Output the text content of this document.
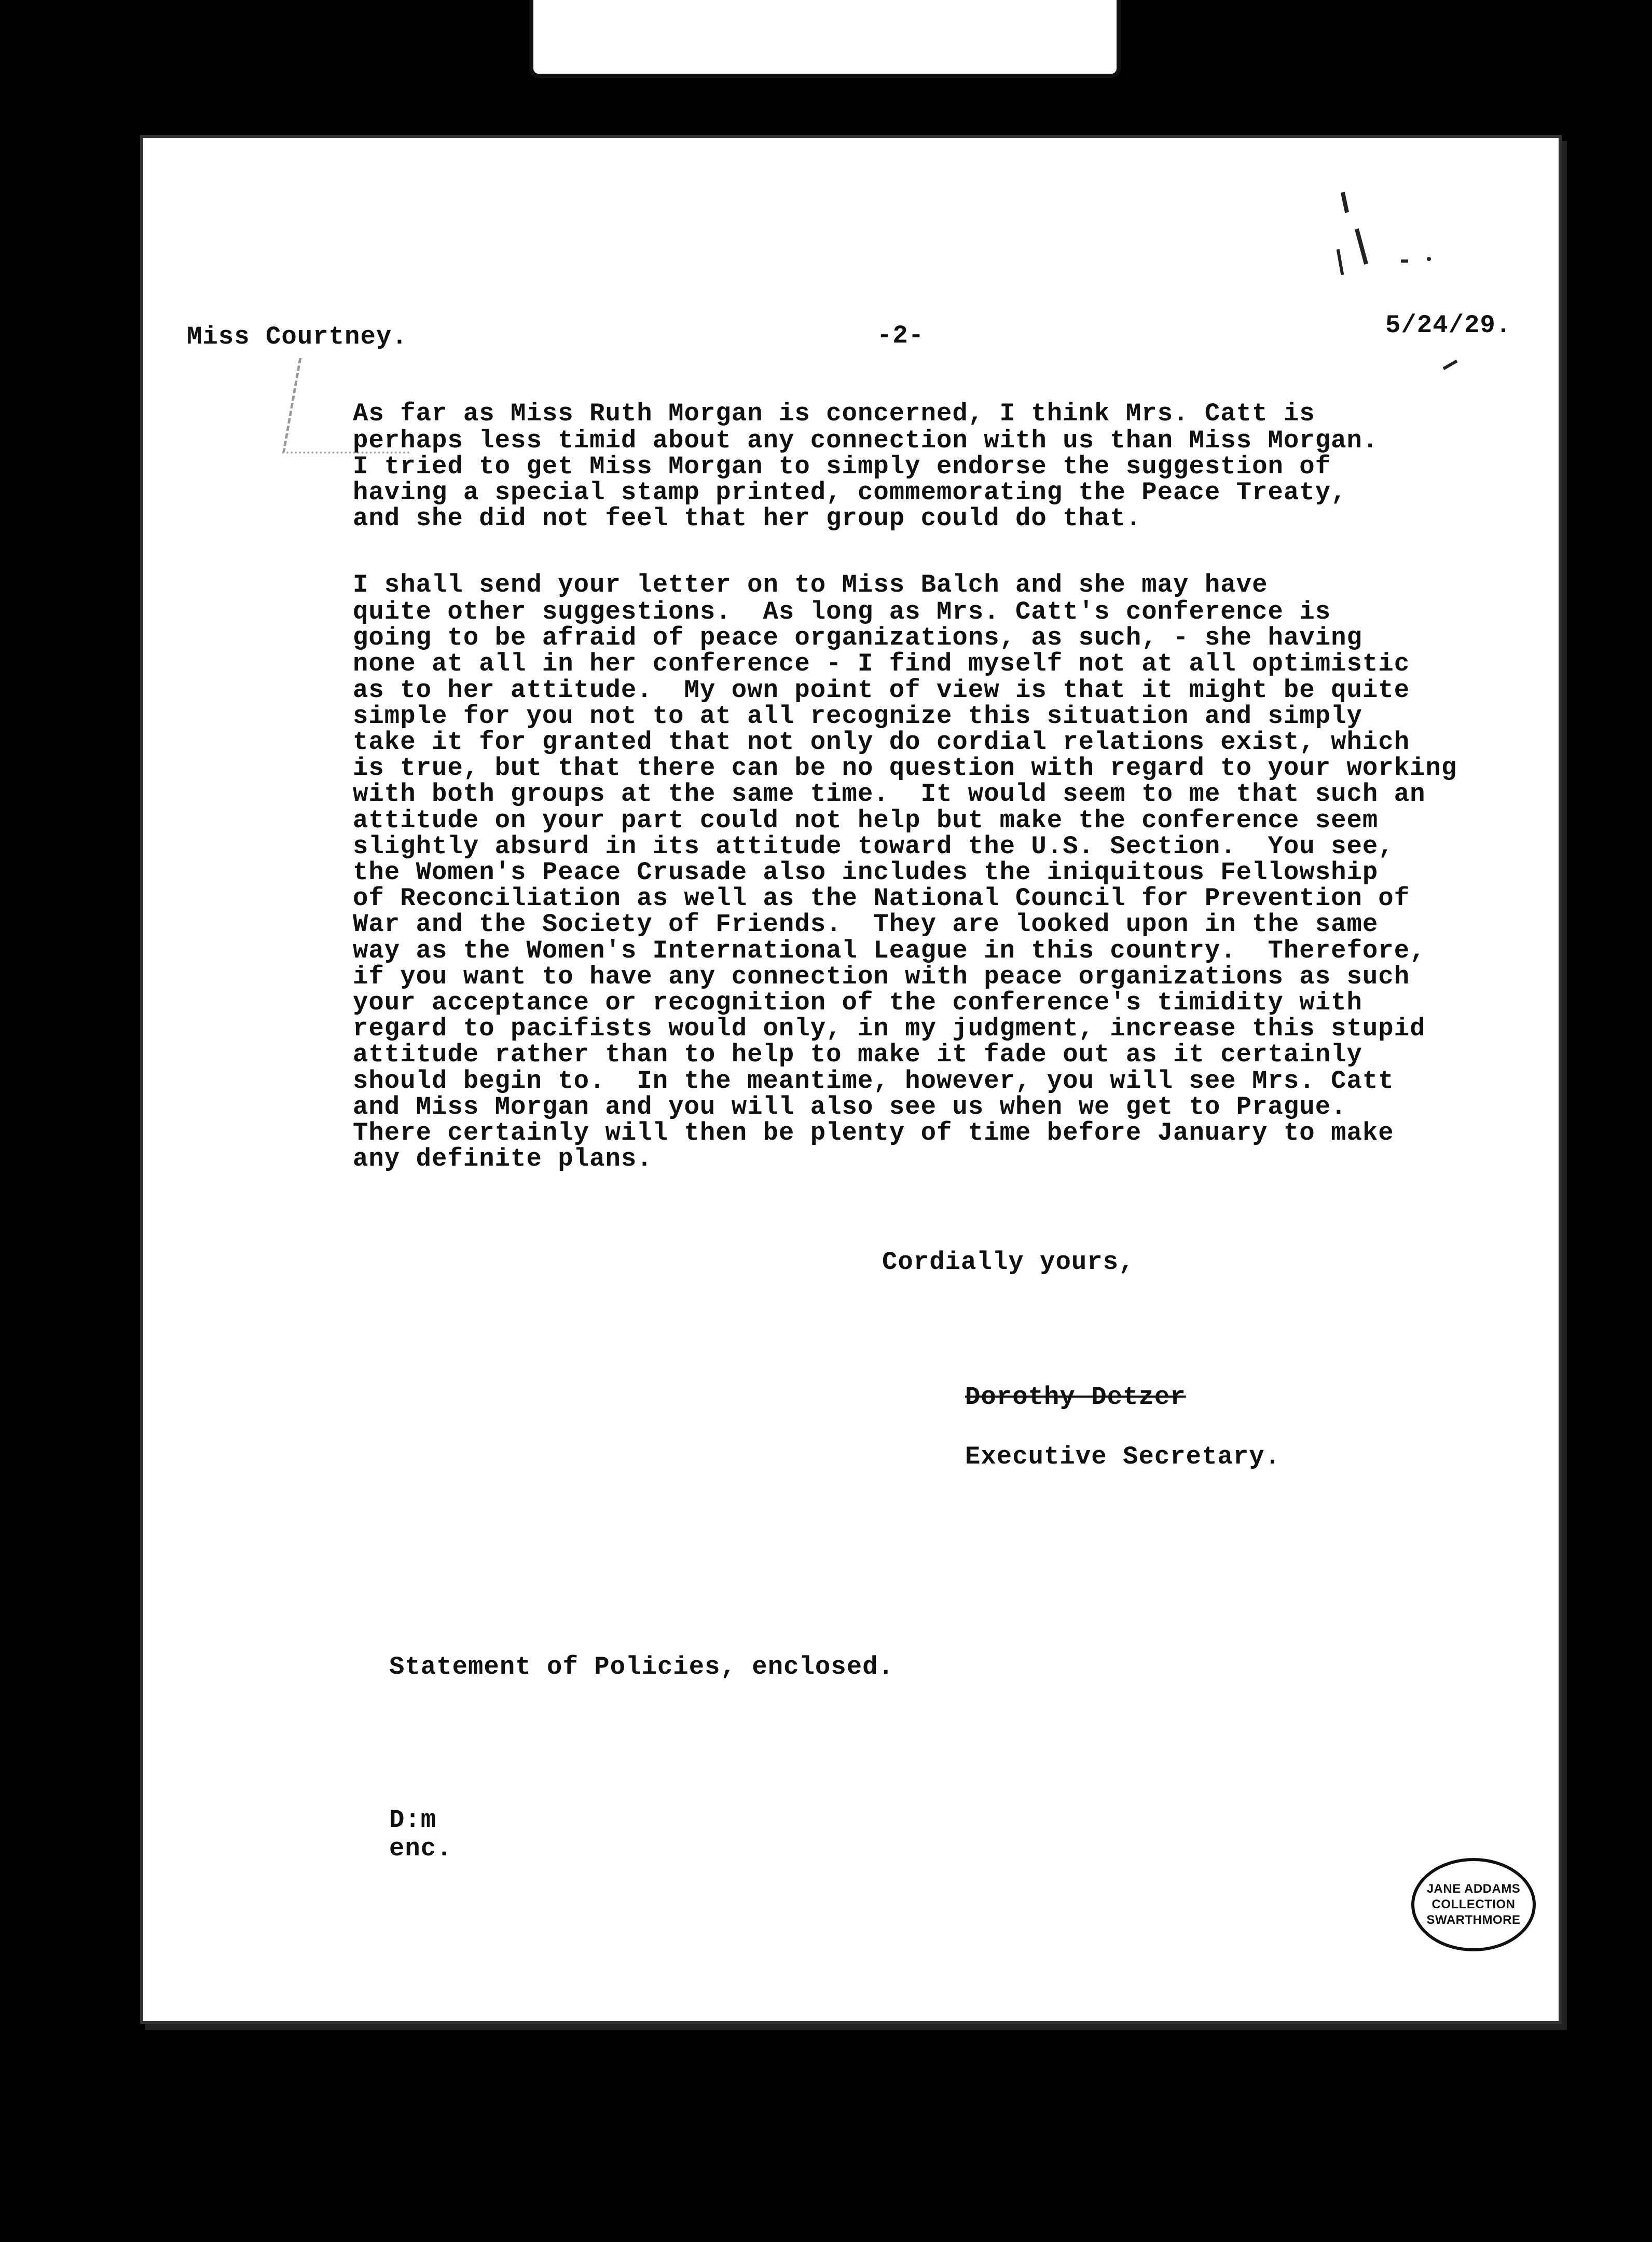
Miss Courtney.	-2-	5/24/29.
As far as Miss Ruth Morgan is concerned, I think Mrs. Catt is
perhaps less timid about any connection with us than Miss Morgan.
I tried to get Miss Morgan to simply endorse the suggestion of
having a special stamp printed, commemorating the Peace Treaty,
and she did not feel that her group could do that.
I shall send your letter on to Miss Balch and she may have
quite other suggestions.  As long as Mrs. Catt's conference is
going to be afraid of peace organizations, as such, - she having
none at all in her conference - I find myself not at all optimistic
as to her attitude.  My own point of view is that it might be quite
simple for you not to at all recognize this situation and simply
take it for granted that not only do cordial relations exist, which
is true, but that there can be no question with regard to your working
with both groups at the same time.  It would seem to me that such an
attitude on your part could not help but make the conference seem
slightly absurd in its attitude toward the U.S. Section.  You see,
the Women's Peace Crusade also includes the iniquitous Fellowship
of Reconciliation as well as the National Council for Prevention of
War and the Society of Friends.  They are looked upon in the same
way as the Women's International League in this country.  Therefore,
if you want to have any connection with peace organizations as such
your acceptance or recognition of the conference's timidity with
regard to pacifists would only, in my judgment, increase this stupid
attitude rather than to help to make it fade out as it certainly
should begin to.  In the meantime, however, you will see Mrs. Catt
and Miss Morgan and you will also see us when we get to Prague.
There certainly will then be plenty of time before January to make
any definite plans.
Cordially yours,
Dorothy Detzer
Executive Secretary.
Statement of Policies, enclosed.
D:m
enc.
JANE ADDAMS
COLLECTION
SWARTHMORE
